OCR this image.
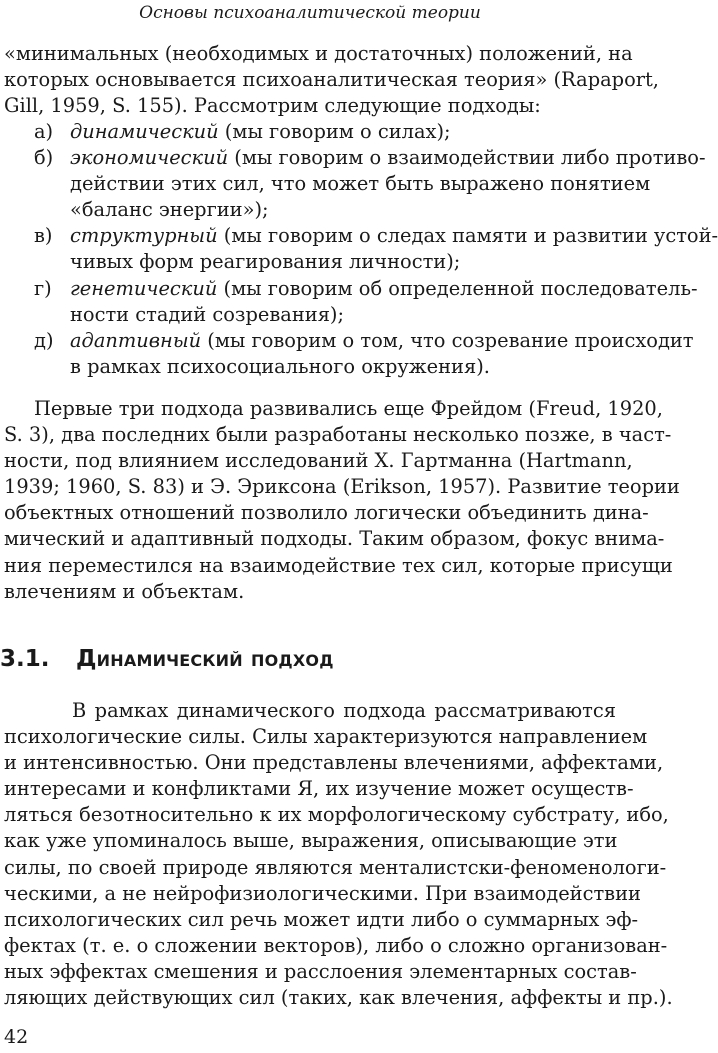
Основы психоаналитической теории
«минимальных (необходимых и достаточных) положений, на
которых основывается психоаналитическая теория» (Rapaport,
Gill, 1959, S. 155). Рассмотрим следующие подходы:
а) динамический (мы говорим о силах);
б) экономический (мы говорим о взаимодействии либо противо-
действии этих сил, что может быть выражено понятием
«баланс энергии»);
в) структурный (мы говорим о следах памяти и развитии устой-
чивых форм реагирования личности);
г) генетический (мы говорим об определенной последователь-
ности стадий созревания);
д) адаптивный (мы говорим о том, что созревание происходит
в рамках психосоциального окружения).
Первые три подхода развивались еще Фрейдом (Freud, 1920,
S. 3), два последних были разработаны несколько позже, в част-
ности, под влиянием исследований Х. Гартманна (Hartmann,
1939; 1960, S. 83) и Э. Эриксона (Erikson, 1957). Развитие теории
объектных отношений позволило логически объединить дина-
мический и адаптивный подходы. Таким образом, фокус внима-
ния переместился на взаимодействие тех сил, которые присущи
влечениям и объектам.
3.1. Динамический подход
В рамках динамического подхода рассматриваются
психологические силы. Силы характеризуются направлением
и интенсивностью. Они представлены влечениями, аффектами,
интересами и конфликтами Я, их изучение может осуществ-
ляться безотносительно к их морфологическому субстрату, ибо,
как уже упоминалось выше, выражения, описывающие эти
силы, по своей природе являются менталистски-феноменологи-
ческими, а не нейрофизиологическими. При взаимодействии
психологических сил речь может идти либо о суммарных эф-
фектах (т. е. о сложении векторов), либо о сложно организован-
ных эффектах смешения и расслоения элементарных состав-
ляющих действующих сил (таких, как влечения, аффекты и пр.).
42
